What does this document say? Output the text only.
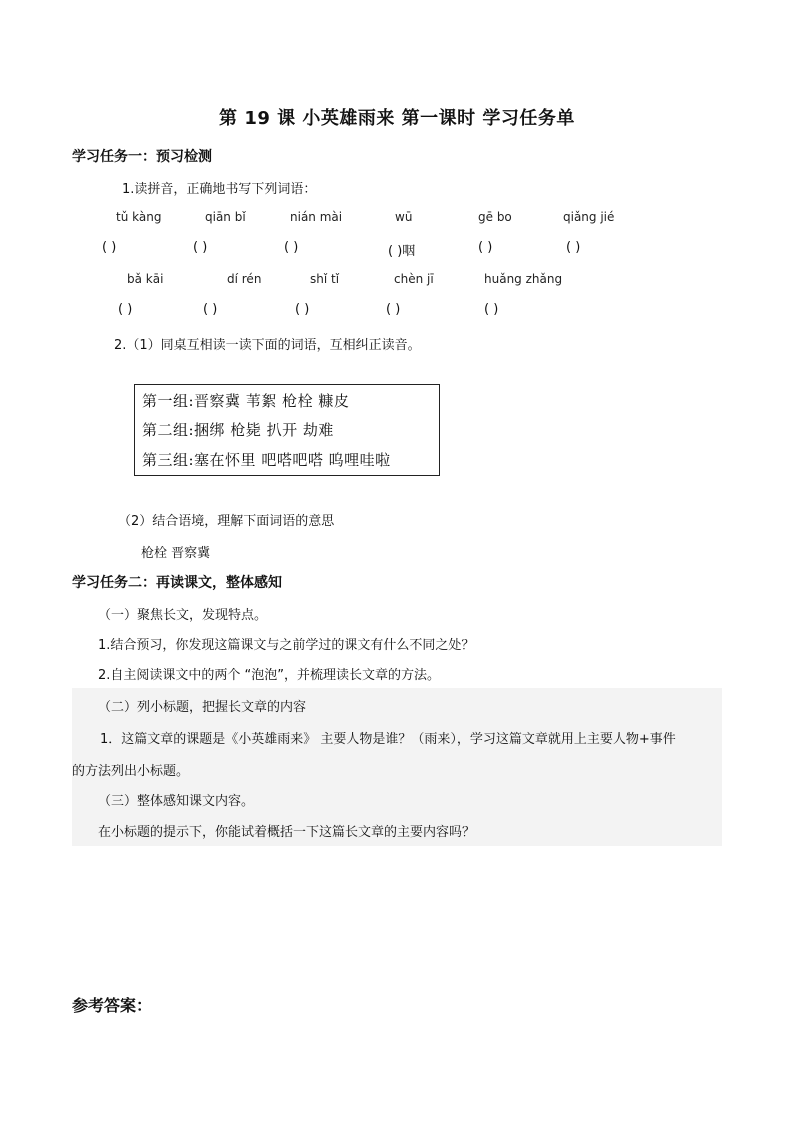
第 19 课 小英雄雨来 第一课时 学习任务单
学习任务一：预习检测
1.读拼音，正确地书写下列词语：
tǔ kàng	qiān bǐ	nián mài	wū	gē bo	qiǎng jié
( )	( )	( )	( )咽	( )	( )
bǎ kāi	dí rén	shǐ tǐ	chèn jī	huǎng zhǎng
( )	( )	( )	( )	( )
2.（1）同桌互相读一读下面的词语，互相纠正读音。
第一组:晋察冀 苇絮 枪栓 糠皮
第二组:捆绑 枪毙 扒开 劫难
第三组:塞在怀里 吧嗒吧嗒 呜哩哇啦
（2）结合语境，理解下面词语的意思
枪栓 晋察冀
学习任务二：再读课文，整体感知
（一）聚焦长文，发现特点。
1.结合预习，你发现这篇课文与之前学过的课文有什么不同之处？
2.自主阅读课文中的两个 “泡泡”，并梳理读长文章的方法。
（二）列小标题，把握长文章的内容
1．这篇文章的课题是《小英雄雨来》 主要人物是谁？（雨来），学习这篇文章就用上主要人物+事件
的方法列出小标题。
（三）整体感知课文内容。
在小标题的提示下，你能试着概括一下这篇长文章的主要内容吗？
参考答案：
